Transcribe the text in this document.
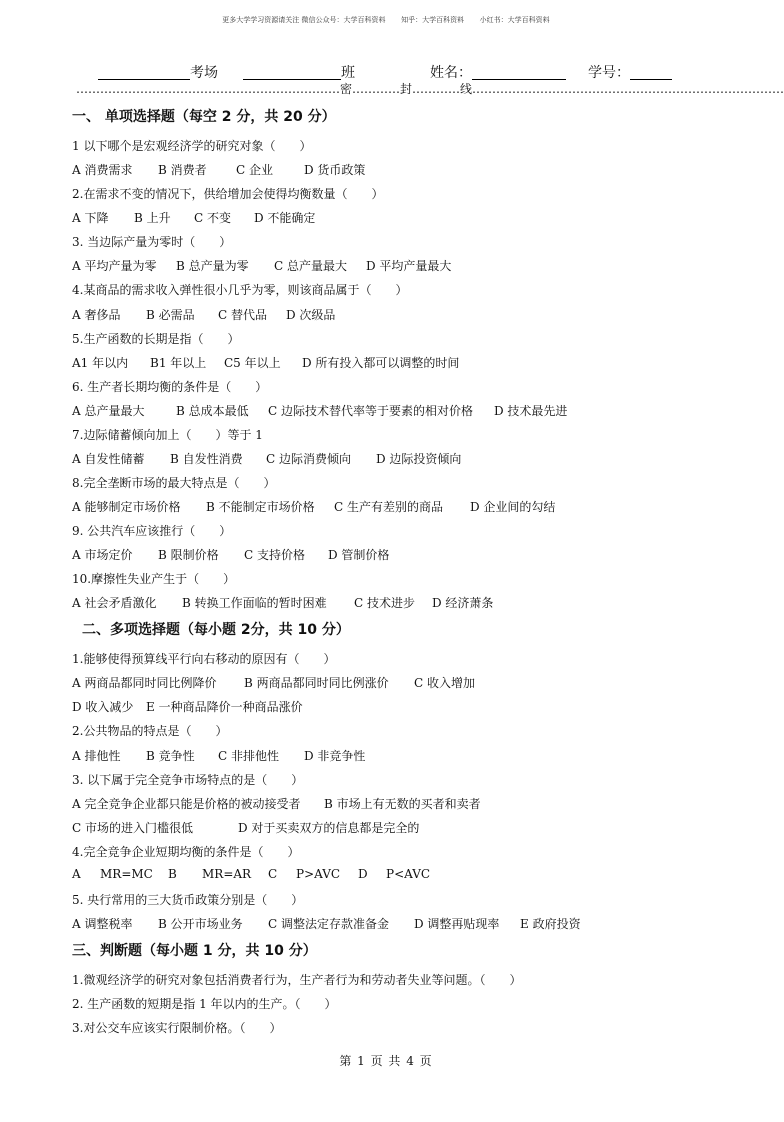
更多大学学习资源请关注 微信公众号：大学百科资料       知乎：大学百科资料       小红书：大学百科资料
考场	班	姓名：	学号：
…………………………………………………………密…………封…………线……………………………………………………………………
一、 单项选择题（每空 2 分，共 20 分）
1 以下哪个是宏观经济学的研究对象（　　）
A 消费需求 B 消费者 C 企业	D 货币政策
2.在需求不变的情况下，供给增加会使得均衡数量（　　）
A 下降 B 上升 C 不变 D 不能确定
3. 当边际产量为零时（　　）
A 平均产量为零 B 总产量为零 C 总产量最大 D 平均产量最大
4.某商品的需求收入弹性很小几乎为零，则该商品属于（　　）
A 奢侈品 B 必需品 C 替代品 D 次级品
5.生产函数的长期是指（　　）
A1 年以内 B1 年以上 C5 年以上 D 所有投入都可以调整的时间
6. 生产者长期均衡的条件是（　　）
A 总产量最大	B 总成本最低 C 边际技术替代率等于要素的相对价格 D 技术最先进
7.边际储蓄倾向加上（　　）等于 1
A 自发性储蓄 B 自发性消费 C 边际消费倾向 D 边际投资倾向
8.完全垄断市场的最大特点是（　　）
A 能够制定市场价格 B 不能制定市场价格 C 生产有差别的商品 D 企业间的勾结
9. 公共汽车应该推行（　　）
A 市场定价 B 限制价格 C 支持价格 D 管制价格
10.摩擦性失业产生于（　　）
A 社会矛盾激化 B 转换工作面临的暂时困难 C 技术进步 D 经济萧条
二、多项选择题（每小题 2分，共 10 分）
1.能够使得预算线平行向右移动的原因有（　　）
A 两商品都同时同比例降价 B 两商品都同时同比例涨价 C 收入增加
D 收入减少 E 一种商品降价一种商品涨价
2.公共物品的特点是（　　）
A 排他性 B 竞争性 C 非排他性 D 非竞争性
3. 以下属于完全竞争市场特点的是（　　）
A 完全竞争企业都只能是价格的被动接受者 B 市场上有无数的买者和卖者
C 市场的进入门槛很低	D 对于买卖双方的信息都是完全的
4.完全竞争企业短期均衡的条件是（　　）
A MR=MC B MR=AR C P>AVC D P<AVC
5. 央行常用的三大货币政策分别是（　　）
A 调整税率 B 公开市场业务 C 调整法定存款准备金 D 调整再贴现率 E 政府投资
三、判断题（每小题 1 分，共 10 分）
1.微观经济学的研究对象包括消费者行为，生产者行为和劳动者失业等问题。（　　）
2. 生产函数的短期是指 1 年以内的生产。（　　）
3.对公交车应该实行限制价格。（　　）
第 1 页 共 4 页
